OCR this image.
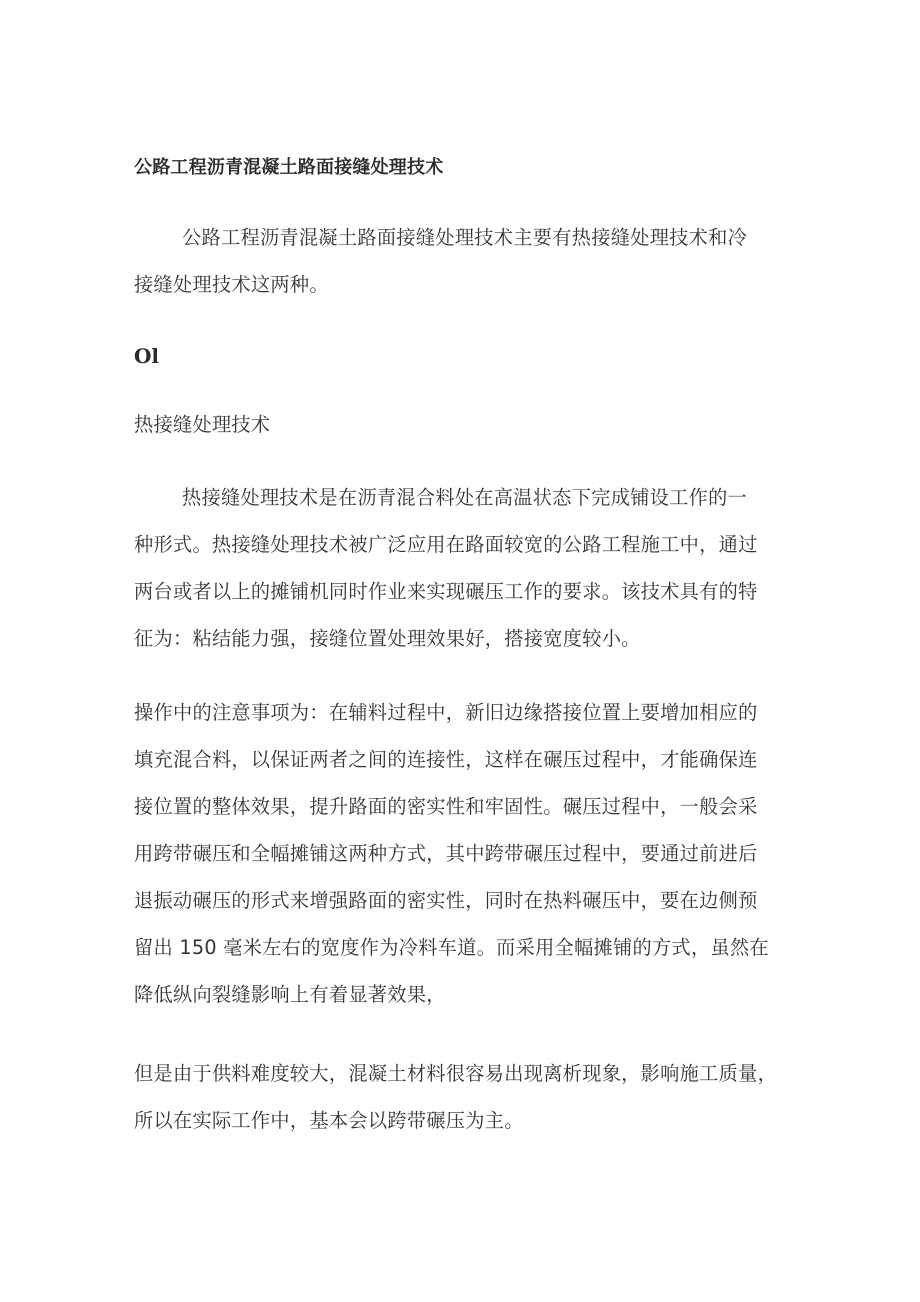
公路工程沥青混凝土路面接缝处理技术
公路工程沥青混凝土路面接缝处理技术主要有热接缝处理技术和冷
接缝处理技术这两种。
Ol
热接缝处理技术
热接缝处理技术是在沥青混合料处在高温状态下完成铺设工作的一
种形式。热接缝处理技术被广泛应用在路面较宽的公路工程施工中，通过
两台或者以上的摊铺机同时作业来实现碾压工作的要求。该技术具有的特
征为：粘结能力强，接缝位置处理效果好，搭接宽度较小。
操作中的注意事项为：在辅料过程中，新旧边缘搭接位置上要增加相应的
填充混合料，以保证两者之间的连接性，这样在碾压过程中，才能确保连
接位置的整体效果，提升路面的密实性和牢固性。碾压过程中，一般会采
用跨带碾压和全幅摊铺这两种方式，其中跨带碾压过程中，要通过前进后
退振动碾压的形式来增强路面的密实性，同时在热料碾压中，要在边侧预
留出 150 毫米左右的宽度作为冷料车道。而采用全幅摊铺的方式，虽然在
降低纵向裂缝影响上有着显著效果，
但是由于供料难度较大，混凝土材料很容易出现离析现象，影响施工质量，
所以在实际工作中，基本会以跨带碾压为主。
